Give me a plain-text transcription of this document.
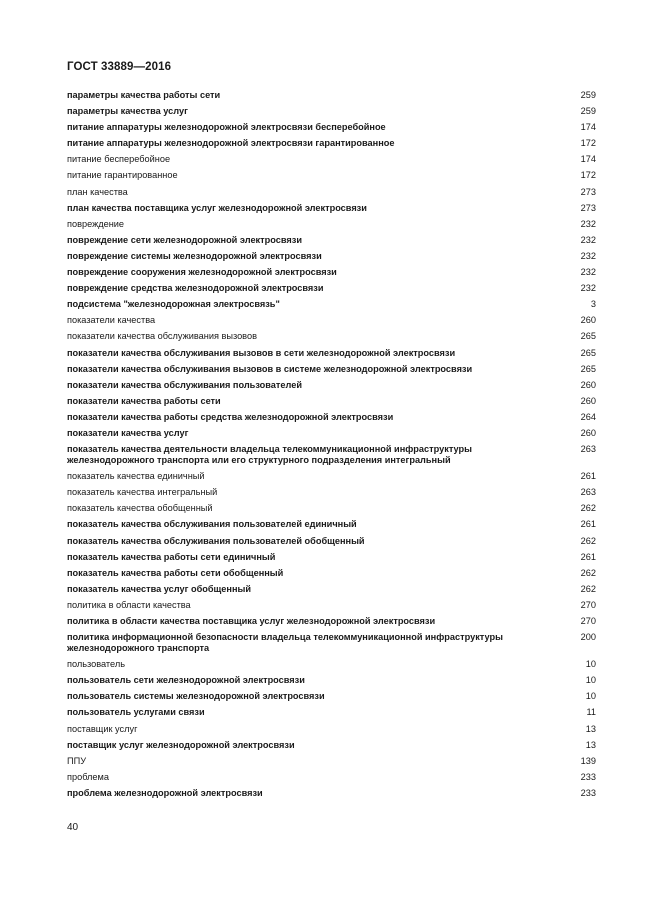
ГОСТ 33889—2016
параметры качества работы сети	259
параметры качества услуг	259
питание аппаратуры железнодорожной электросвязи бесперебойное	174
питание аппаратуры железнодорожной электросвязи гарантированное	172
питание бесперебойное	174
питание гарантированное	172
план качества	273
план качества поставщика услуг железнодорожной электросвязи	273
повреждение	232
повреждение сети железнодорожной электросвязи	232
повреждение системы железнодорожной электросвязи	232
повреждение сооружения железнодорожной электросвязи	232
повреждение средства железнодорожной электросвязи	232
подсистема "железнодорожная электросвязь"	3
показатели качества	260
показатели качества обслуживания вызовов	265
показатели качества обслуживания вызовов в сети железнодорожной электросвязи	265
показатели качества обслуживания вызовов в системе железнодорожной электросвязи	265
показатели качества обслуживания пользователей	260
показатели качества работы сети	260
показатели качества работы средства железнодорожной электросвязи	264
показатели качества услуг	260
показатель качества деятельности владельца телекоммуникационной инфраструктуры
железнодорожного транспорта или его структурного подразделения интегральный
263
показатель качества единичный	261
показатель качества интегральный	263
показатель качества обобщенный	262
показатель качества обслуживания пользователей единичный	261
показатель качества обслуживания пользователей обобщенный	262
показатель качества работы сети единичный	261
показатель качества работы сети обобщенный	262
показатель качества услуг обобщенный	262
политика в области качества	270
политика в области качества поставщика услуг железнодорожной электросвязи	270
политика информационной безопасности владельца телекоммуникационной инфраструктуры
железнодорожного транспорта
200
пользователь	10
пользователь сети железнодорожной электросвязи	10
пользователь системы железнодорожной электросвязи	10
пользователь услугами связи	11
поставщик услуг	13
поставщик услуг железнодорожной электросвязи	13
ППУ	139
проблема	233
проблема железнодорожной электросвязи	233
40
